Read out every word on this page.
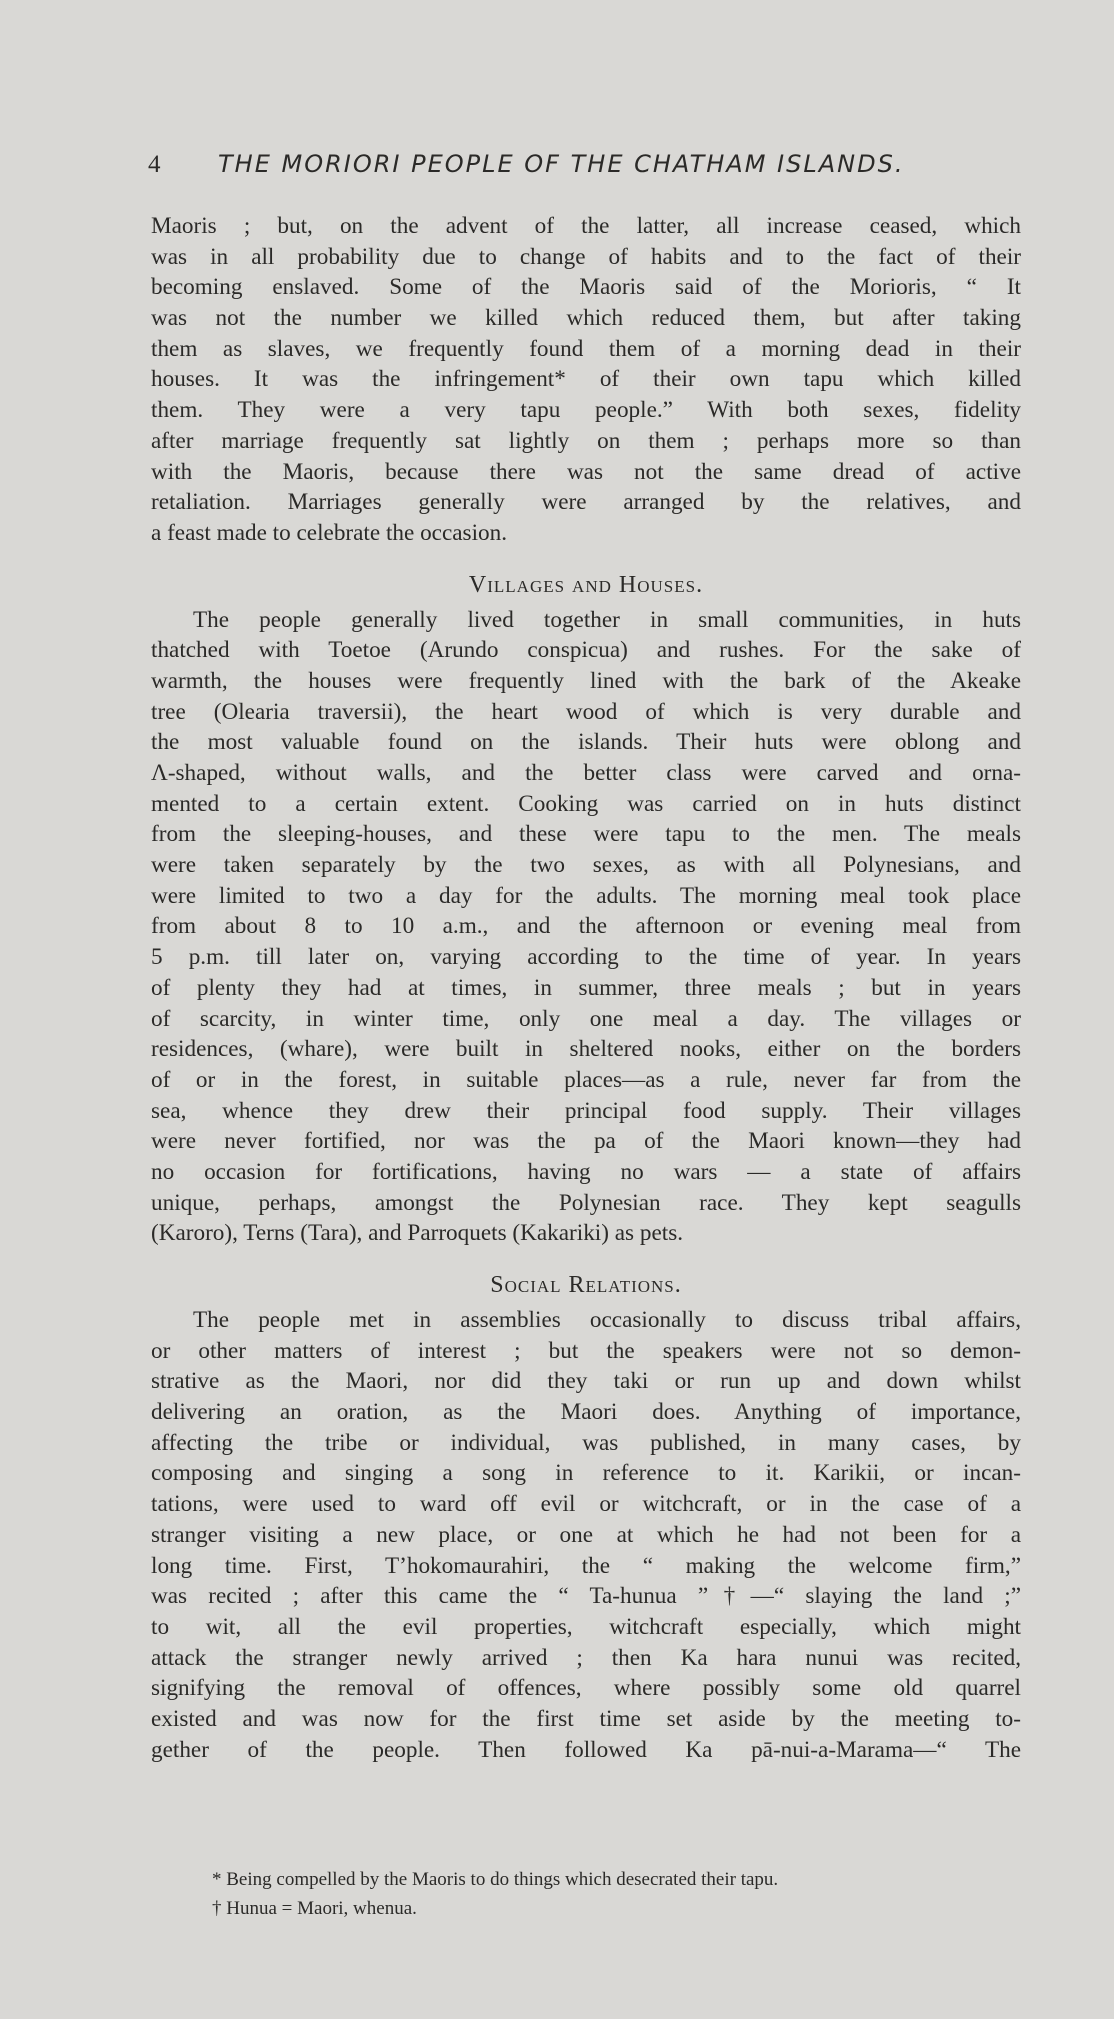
4 THE MORIORI PEOPLE OF THE CHATHAM ISLANDS.
Maoris ; but, on the advent of the latter, all increase ceased, which
was in all probability due to change of habits and to the fact of their
becoming enslaved. Some of the Maoris said of the Morioris, “ It
was not the number we killed which reduced them, but after taking
them as slaves, we frequently found them of a morning dead in their
houses. It was the infringement* of their own tapu which killed
them. They were a very tapu people.” With both sexes, fidelity
after marriage frequently sat lightly on them ; perhaps more so than
with the Maoris, because there was not the same dread of active
retaliation. Marriages generally were arranged by the relatives, and
a feast made to celebrate the occasion.
Villages and Houses.
The people generally lived together in small communities, in huts
thatched with Toetoe (Arundo conspicua) and rushes. For the sake of
warmth, the houses were frequently lined with the bark of the Akeake
tree (Olearia traversii), the heart wood of which is very durable and
the most valuable found on the islands. Their huts were oblong and
Λ-shaped, without walls, and the better class were carved and orna-
mented to a certain extent. Cooking was carried on in huts distinct
from the sleeping-houses, and these were tapu to the men. The meals
were taken separately by the two sexes, as with all Polynesians, and
were limited to two a day for the adults. The morning meal took place
from about 8 to 10 a.m., and the afternoon or evening meal from
5 p.m. till later on, varying according to the time of year. In years
of plenty they had at times, in summer, three meals ; but in years
of scarcity, in winter time, only one meal a day. The villages or
residences, (whare), were built in sheltered nooks, either on the borders
of or in the forest, in suitable places—as a rule, never far from the
sea, whence they drew their principal food supply. Their villages
were never fortified, nor was the pa of the Maori known—they had
no occasion for fortifications, having no wars — a state of affairs
unique, perhaps, amongst the Polynesian race. They kept seagulls
(Karoro), Terns (Tara), and Parroquets (Kakariki) as pets.
Social Relations.
The people met in assemblies occasionally to discuss tribal affairs,
or other matters of interest ; but the speakers were not so demon-
strative as the Maori, nor did they taki or run up and down whilst
delivering an oration, as the Maori does. Anything of importance,
affecting the tribe or individual, was published, in many cases, by
composing and singing a song in reference to it. Karikii, or incan-
tations, were used to ward off evil or witchcraft, or in the case of a
stranger visiting a new place, or one at which he had not been for a
long time. First, T’hokomaurahiri, the “ making the welcome firm,”
was recited ; after this came the “ Ta-hunua ”†—“ slaying the land ;”
to wit, all the evil properties, witchcraft especially, which might
attack the stranger newly arrived ; then Ka hara nunui was recited,
signifying the removal of offences, where possibly some old quarrel
existed and was now for the first time set aside by the meeting to-
gether of the people. Then followed Ka pā-nui-a-Marama—“ The
* Being compelled by the Maoris to do things which desecrated their tapu.
† Hunua = Maori, whenua.
